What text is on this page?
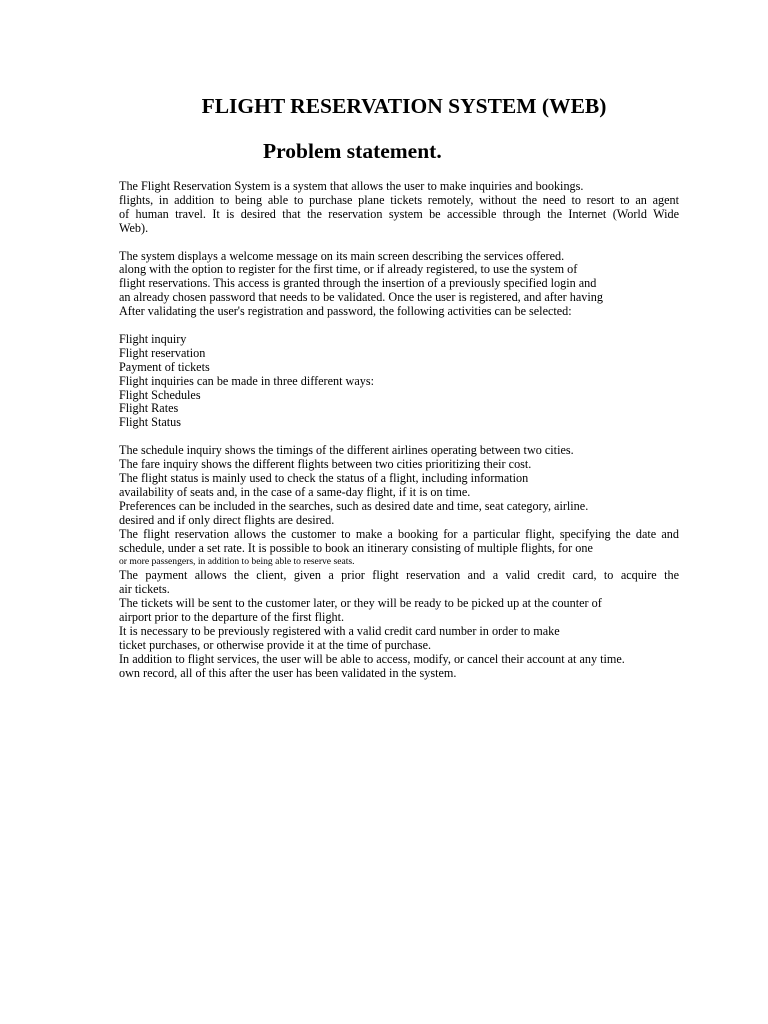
FLIGHT RESERVATION SYSTEM (WEB)
Problem statement.
The Flight Reservation System is a system that allows the user to make inquiries and bookings.
flights, in addition to being able to purchase plane tickets remotely, without the need to resort to an agent
of human travel. It is desired that the reservation system be accessible through the Internet (World Wide
Web).
The system displays a welcome message on its main screen describing the services offered.
along with the option to register for the first time, or if already registered, to use the system of
flight reservations. This access is granted through the insertion of a previously specified login and
an already chosen password that needs to be validated. Once the user is registered, and after having
After validating the user's registration and password, the following activities can be selected:
Flight inquiry
Flight reservation
Payment of tickets
Flight inquiries can be made in three different ways:
Flight Schedules
Flight Rates
Flight Status
The schedule inquiry shows the timings of the different airlines operating between two cities.
The fare inquiry shows the different flights between two cities prioritizing their cost.
The flight status is mainly used to check the status of a flight, including information
availability of seats and, in the case of a same-day flight, if it is on time.
Preferences can be included in the searches, such as desired date and time, seat category, airline.
desired and if only direct flights are desired.
The flight reservation allows the customer to make a booking for a particular flight, specifying the date and
schedule, under a set rate. It is possible to book an itinerary consisting of multiple flights, for one
or more passengers, in addition to being able to reserve seats.
The payment allows the client, given a prior flight reservation and a valid credit card, to acquire the
air tickets.
The tickets will be sent to the customer later, or they will be ready to be picked up at the counter of
airport prior to the departure of the first flight.
It is necessary to be previously registered with a valid credit card number in order to make
ticket purchases, or otherwise provide it at the time of purchase.
In addition to flight services, the user will be able to access, modify, or cancel their account at any time.
own record, all of this after the user has been validated in the system.
